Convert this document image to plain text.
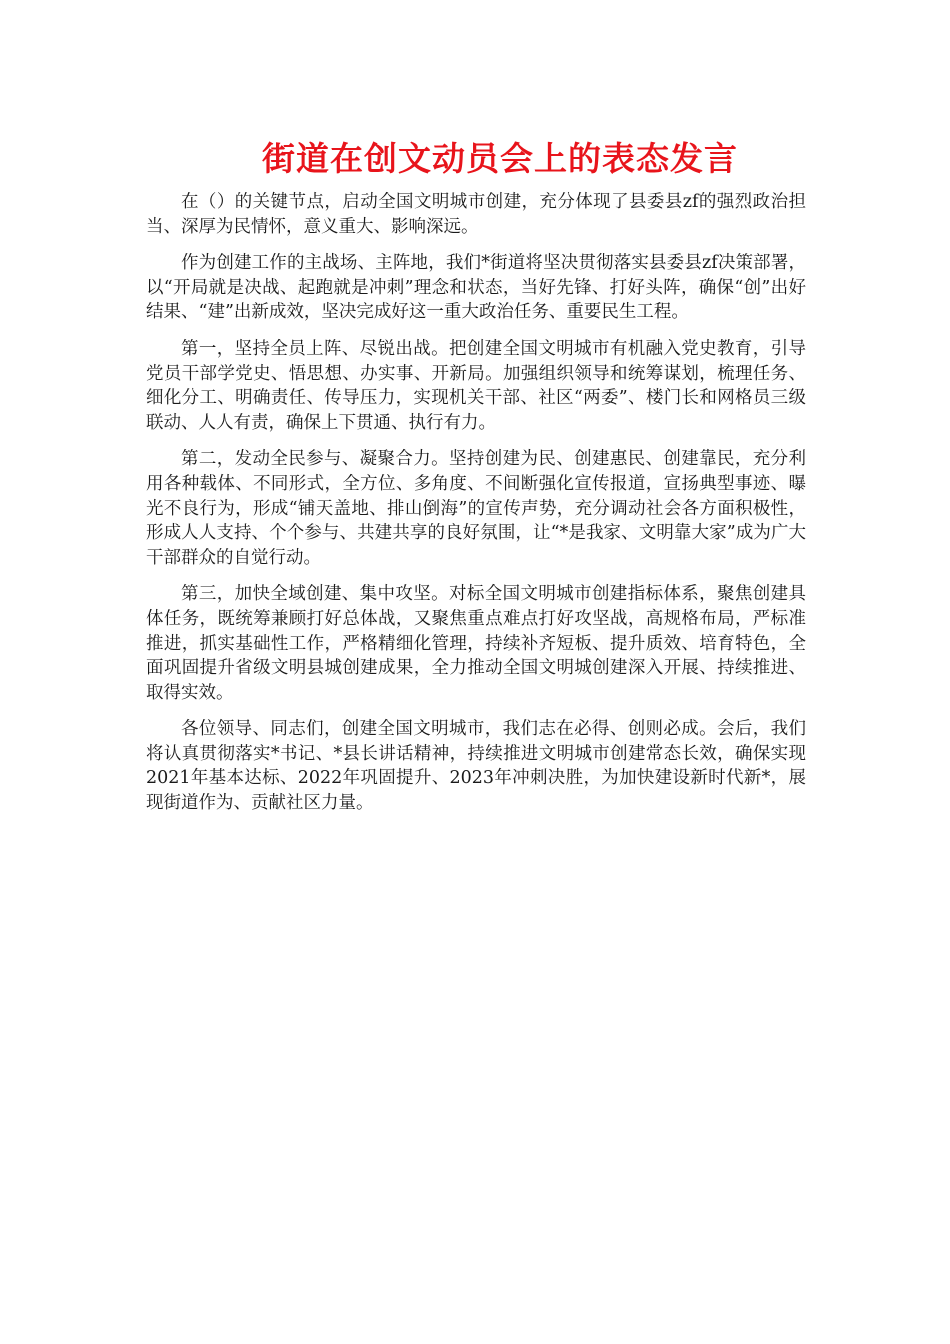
街道在创文动员会上的表态发言

在（）的关键节点，启动全国文明城市创建，充分体现了县委县zf的强烈政治担当、深厚为民情怀，意义重大、影响深远。

作为创建工作的主战场、主阵地，我们*街道将坚决贯彻落实县委县zf决策部署，以“开局就是决战、起跑就是冲刺”理念和状态，当好先锋、打好头阵，确保“创”出好结果、“建”出新成效，坚决完成好这一重大政治任务、重要民生工程。

第一，坚持全员上阵、尽锐出战。把创建全国文明城市有机融入党史教育，引导党员干部学党史、悟思想、办实事、开新局。加强组织领导和统筹谋划，梳理任务、细化分工、明确责任、传导压力，实现机关干部、社区“两委”、楼门长和网格员三级联动、人人有责，确保上下贯通、执行有力。

第二，发动全民参与、凝聚合力。坚持创建为民、创建惠民、创建靠民，充分利用各种载体、不同形式，全方位、多角度、不间断强化宣传报道，宣扬典型事迹、曝光不良行为，形成“铺天盖地、排山倒海”的宣传声势，充分调动社会各方面积极性，形成人人支持、个个参与、共建共享的良好氛围，让“*是我家、文明靠大家”成为广大干部群众的自觉行动。

第三，加快全域创建、集中攻坚。对标全国文明城市创建指标体系，聚焦创建具体任务，既统筹兼顾打好总体战，又聚焦重点难点打好攻坚战，高规格布局，严标准推进，抓实基础性工作，严格精细化管理，持续补齐短板、提升质效、培育特色，全面巩固提升省级文明县城创建成果，全力推动全国文明城创建深入开展、持续推进、取得实效。

各位领导、同志们，创建全国文明城市，我们志在必得、创则必成。会后，我们将认真贯彻落实*书记、*县长讲话精神，持续推进文明城市创建常态长效，确保实现2021年基本达标、2022年巩固提升、2023年冲刺决胜，为加快建设新时代新*，展现街道作为、贡献社区力量。
